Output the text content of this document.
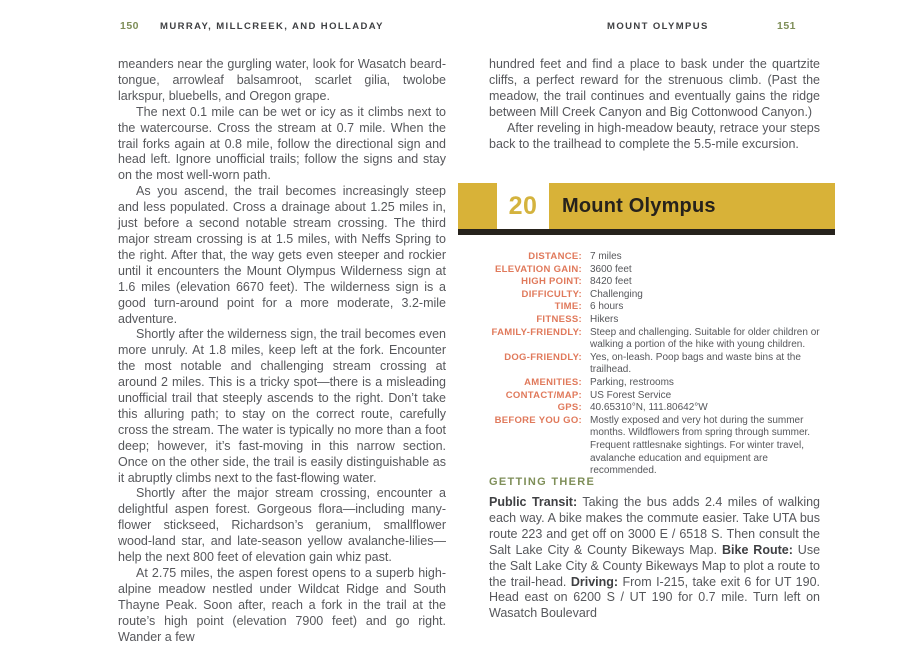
150 MURRAY, MILLCREEK, AND HOLLADAY	MOUNT OLYMPUS	151

meanders near the gurgling water, look for Wasatch beard-tongue, arrowleaf balsamroot, scarlet gilia, twolobe larkspur, bluebells, and Oregon grape.

The next 0.1 mile can be wet or icy as it climbs next to the watercourse. Cross the stream at 0.7 mile. When the trail forks again at 0.8 mile, follow the directional sign and head left. Ignore unofficial trails; follow the signs and stay on the most well-worn path.

As you ascend, the trail becomes increasingly steep and less populated. Cross a drainage about 1.25 miles in, just before a second notable stream crossing. The third major stream crossing is at 1.5 miles, with Neffs Spring to the right. After that, the way gets even steeper and rockier until it encounters the Mount Olympus Wilderness sign at 1.6 miles (elevation 6670 feet). The wilderness sign is a good turn-around point for a more moderate, 3.2-mile adventure.

Shortly after the wilderness sign, the trail becomes even more unruly. At 1.8 miles, keep left at the fork. Encounter the most notable and challenging stream crossing at around 2 miles. This is a tricky spot—there is a misleading unofficial trail that steeply ascends to the right. Don’t take this alluring path; to stay on the correct route, carefully cross the stream. The water is typically no more than a foot deep; however, it’s fast-moving in this narrow section. Once on the other side, the trail is easily distinguishable as it abruptly climbs next to the fast-flowing water.

Shortly after the major stream crossing, encounter a delightful aspen forest. Gorgeous flora—including many-flower stickseed, Richardson’s geranium, smallflower wood-land star, and late-season yellow avalanche-lilies—help the next 800 feet of elevation gain whiz past.

At 2.75 miles, the aspen forest opens to a superb high-alpine meadow nestled under Wildcat Ridge and South Thayne Peak. Soon after, reach a fork in the trail at the route’s high point (elevation 7900 feet) and go right. Wander a few

hundred feet and find a place to bask under the quartzite cliffs, a perfect reward for the strenuous climb. (Past the meadow, the trail continues and eventually gains the ridge between Mill Creek Canyon and Big Cottonwood Canyon.)

After reveling in high-meadow beauty, retrace your steps back to the trailhead to complete the 5.5-mile excursion.

20	Mount Olympus
DISTANCE: 7 miles
ELEVATION GAIN: 3600 feet
HIGH POINT: 8420 feet
DIFFICULTY: Challenging
TIME: 6 hours
FITNESS: Hikers
FAMILY-FRIENDLY: Steep and challenging. Suitable for older children or walking a portion of the hike with young children.
DOG-FRIENDLY: Yes, on-leash. Poop bags and waste bins at the trailhead.
AMENITIES: Parking, restrooms
CONTACT/MAP: US Forest Service
GPS: 40.65310°N, 111.80642°W
BEFORE YOU GO: Mostly exposed and very hot during the summer months. Wildflowers from spring through summer. Frequent rattlesnake sightings. For winter travel, avalanche education and equipment are recommended.
GETTING THERE

Public Transit: Taking the bus adds 2.4 miles of walking each way. A bike makes the commute easier. Take UTA bus route 223 and get off on 3000 E / 6518 S. Then consult the Salt Lake City & County Bikeways Map. Bike Route: Use the Salt Lake City & County Bikeways Map to plot a route to the trail-head. Driving: From I-215, take exit 6 for UT 190. Head east on 6200 S / UT 190 for 0.7 mile. Turn left on Wasatch Boulevard
